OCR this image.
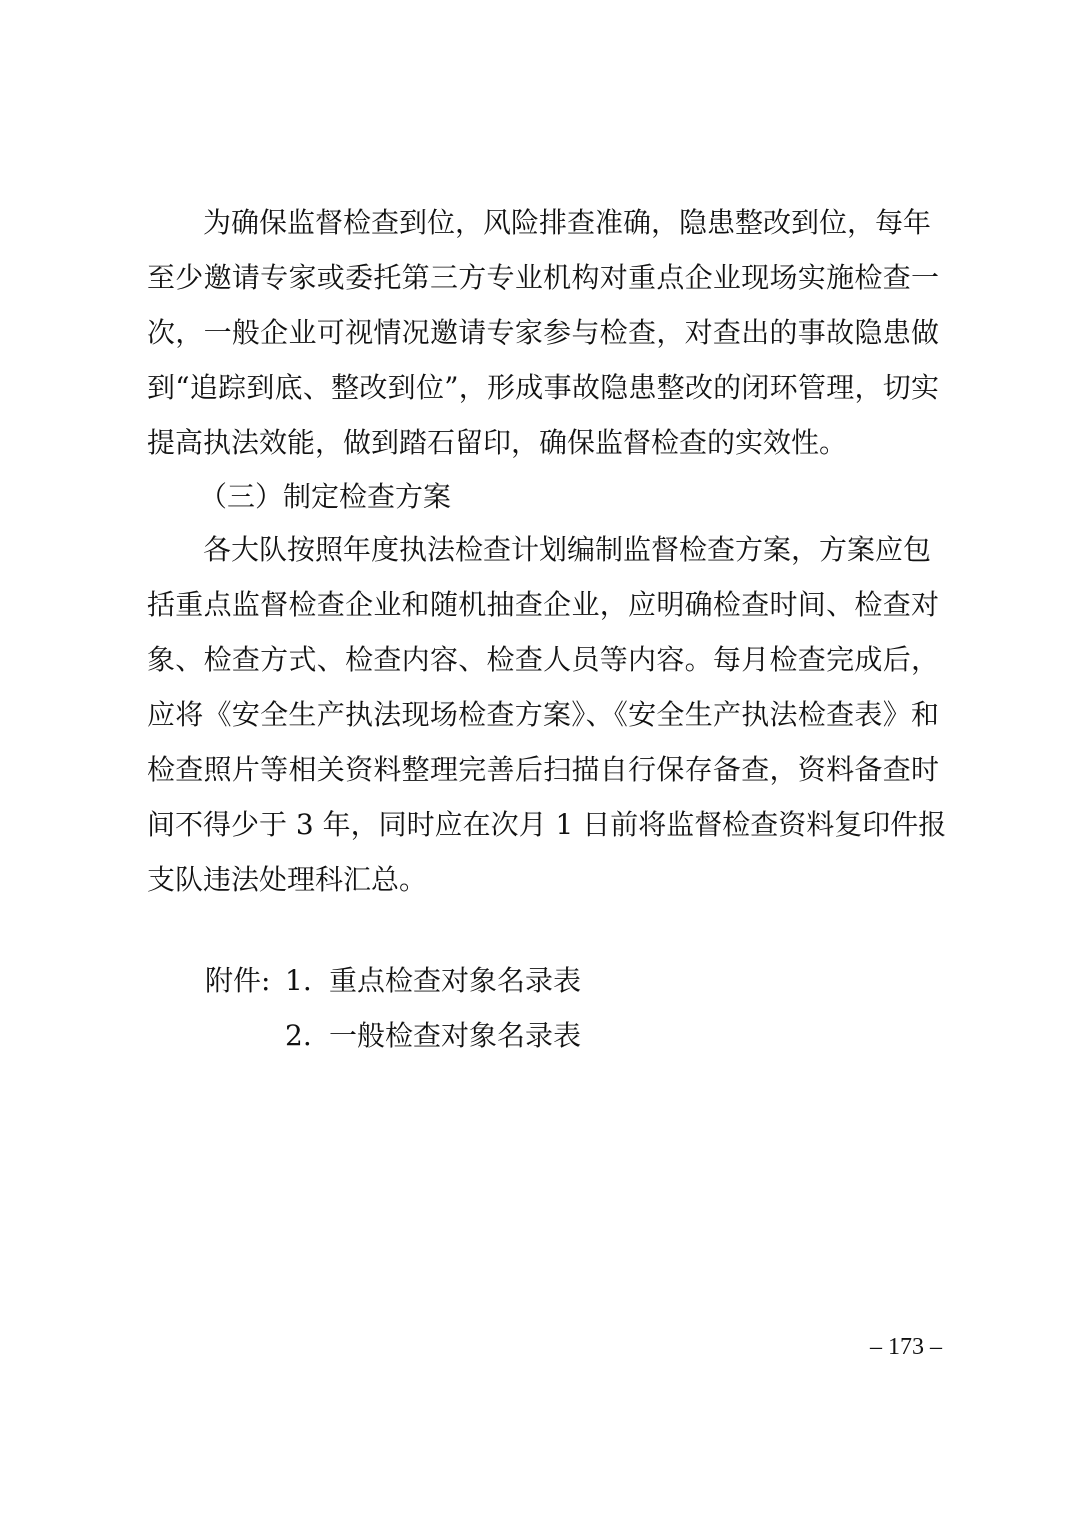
为确保监督检查到位，风险排查准确，隐患整改到位，每年
至少邀请专家或委托第三方专业机构对重点企业现场实施检查一
次，一般企业可视情况邀请专家参与检查，对查出的事故隐患做
到“追踪到底、整改到位”，形成事故隐患整改的闭环管理，切实
提高执法效能，做到踏石留印，确保监督检查的实效性。
（三）制定检查方案
各大队按照年度执法检查计划编制监督检查方案，方案应包
括重点监督检查企业和随机抽查企业，应明确检查时间、检查对
象、检查方式、检查内容、检查人员等内容。每月检查完成后，
应将《安全生产执法现场检查方案》、《安全生产执法检查表》和
检查照片等相关资料整理完善后扫描自行保存备查，资料备查时
间不得少于 3 年，同时应在次月 1 日前将监督检查资料复印件报
支队违法处理科汇总。
附件: 1. 重点检查对象名录表
2. 一般检查对象名录表
– 173 –
